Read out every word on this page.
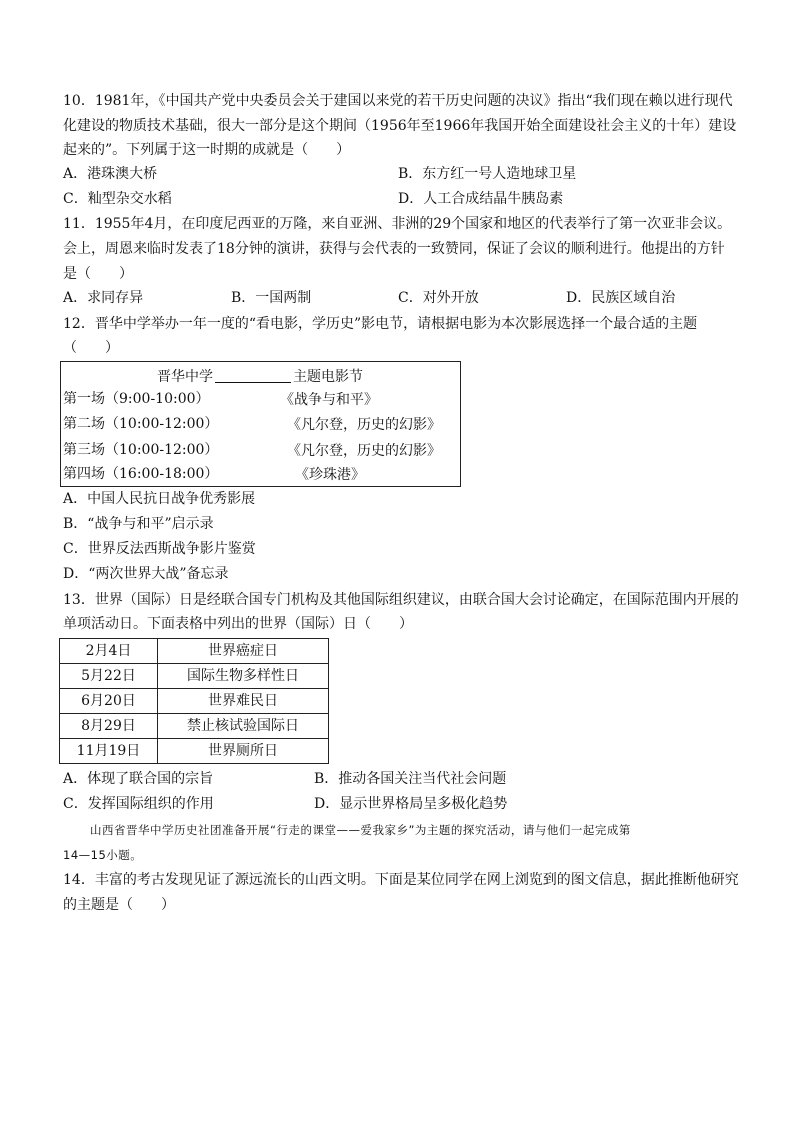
10．1981年，《中国共产党中央委员会关于建国以来党的若干历史问题的决议》指出“我们现在赖以进行现代
化建设的物质技术基础，很大一部分是这个期间（1956年至1966年我国开始全面建设社会主义的十年）建设
起来的”。下列属于这一时期的成就是（　　）
A．港珠澳大桥	B．东方红一号人造地球卫星
C．籼型杂交水稻	D．人工合成结晶牛胰岛素
11．1955年4月，在印度尼西亚的万隆，来自亚洲、非洲的29个国家和地区的代表举行了第一次亚非会议。
会上，周恩来临时发表了18分钟的演讲，获得与会代表的一致赞同，保证了会议的顺利进行。他提出的方针
是（　　）
A．求同存异	B．一国两制	C．对外开放	D．民族区域自治
12．晋华中学举办一年一度的“看电影，学历史”影电节，请根据电影为本次影展选择一个最合适的主题
（　　）
晋华中学	主题电影节
第一场（9:00-10:00）	《战争与和平》
第二场（10:00-12:00）	《凡尔登，历史的幻影》
第三场（10:00-12:00）	《凡尔登，历史的幻影》
第四场（16:00-18:00）	《珍珠港》
A．中国人民抗日战争优秀影展
B．“战争与和平”启示录
C．世界反法西斯战争影片鉴赏
D．“两次世界大战”备忘录
13．世界（国际）日是经联合国专门机构及其他国际组织建议，由联合国大会讨论确定，在国际范围内开展的
单项活动日。下面表格中列出的世界（国际）日（　　）
2月4日	世界癌症日
5月22日	国际生物多样性日
6月20日	世界难民日
8月29日	禁止核试验国际日
11月19日	世界厕所日
A．体现了联合国的宗旨	B．推动各国关注当代社会问题
C．发挥国际组织的作用	D．显示世界格局呈多极化趋势
山西省晋华中学历史社团准备开展“行走的课堂——爱我家乡”为主题的探究活动，请与他们一起完成第
14—15小题。
14．丰富的考古发现见证了源远流长的山西文明。下面是某位同学在网上浏览到的图文信息，据此推断他研究
的主题是（　　）
